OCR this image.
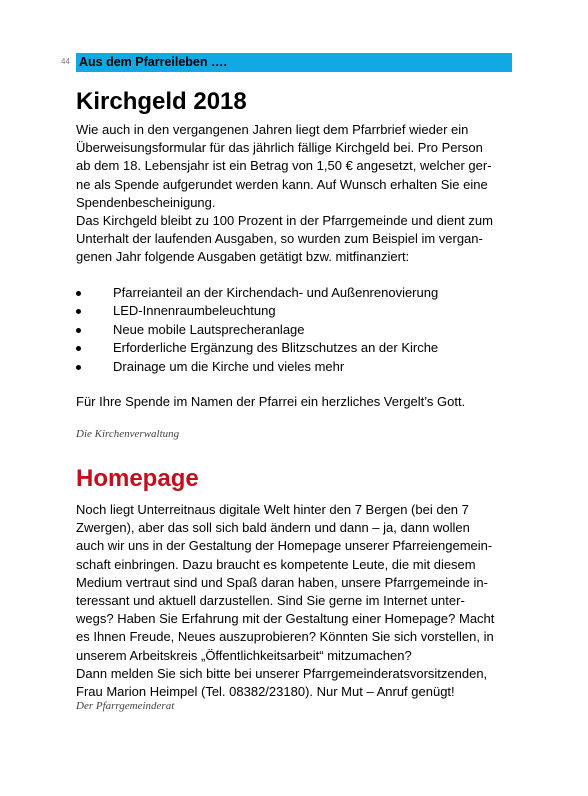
44 Aus dem Pfarreileben ….
Kirchgeld 2018
Wie auch in den vergangenen Jahren liegt dem Pfarrbrief wieder ein
Überweisungsformular für das jährlich fällige Kirchgeld bei. Pro Person
ab dem 18. Lebensjahr ist ein Betrag von 1,50 € angesetzt, welcher ger-
ne als Spende aufgerundet werden kann. Auf Wunsch erhalten Sie eine
Spendenbescheinigung.
Das Kirchgeld bleibt zu 100 Prozent in der Pfarrgemeinde und dient zum
Unterhalt der laufenden Ausgaben, so wurden zum Beispiel im vergan-
genen Jahr folgende Ausgaben getätigt bzw. mitfinanziert:
Pfarreianteil an der Kirchendach- und Außenrenovierung
LED-Innenraumbeleuchtung
Neue mobile Lautsprecheranlage
Erforderliche Ergänzung des Blitzschutzes an der Kirche
Drainage um die Kirche und vieles mehr
Für Ihre Spende im Namen der Pfarrei ein herzliches Vergelt’s Gott.
Die Kirchenverwaltung
Homepage
Noch liegt Unterreitnaus digitale Welt hinter den 7 Bergen (bei den 7
Zwergen), aber das soll sich bald ändern und dann – ja, dann wollen
auch wir uns in der Gestaltung der Homepage unserer Pfarreiengemein-
schaft einbringen. Dazu braucht es kompetente Leute, die mit diesem
Medium vertraut sind und Spaß daran haben, unsere Pfarrgemeinde in-
teressant und aktuell darzustellen. Sind Sie gerne im Internet unter-
wegs? Haben Sie Erfahrung mit der Gestaltung einer Homepage? Macht
es Ihnen Freude, Neues auszuprobieren? Könnten Sie sich vorstellen, in
unserem Arbeitskreis „Öffentlichkeitsarbeit“ mitzumachen?
Dann melden Sie sich bitte bei unserer Pfarrgemeinderatsvorsitzenden,
Frau Marion Heimpel (Tel. 08382/23180). Nur Mut – Anruf genügt!
Der Pfarrgemeinderat
